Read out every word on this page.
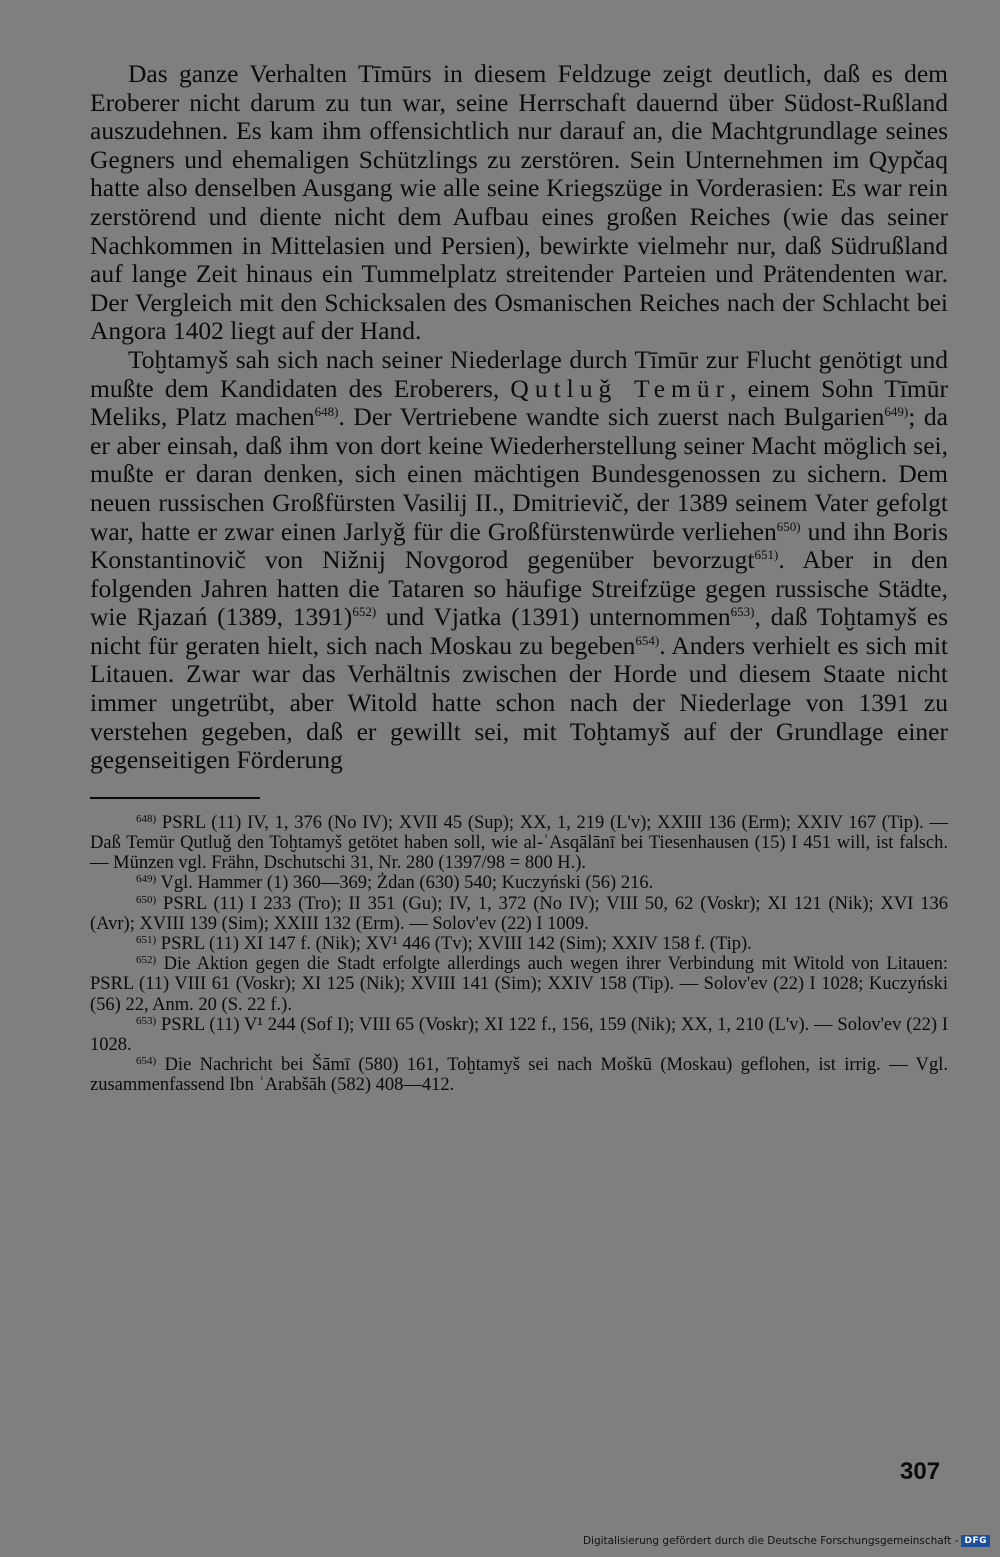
Das ganze Verhalten Tīmūrs in diesem Feldzuge zeigt deutlich, daß es dem Eroberer nicht darum zu tun war, seine Herrschaft dauernd über Südost-Rußland auszudehnen. Es kam ihm offensichtlich nur darauf an, die Machtgrundlage seines Gegners und ehemaligen Schützlings zu zerstören. Sein Unternehmen im Qypčaq hatte also denselben Ausgang wie alle seine Kriegszüge in Vorderasien: Es war rein zerstörend und diente nicht dem Aufbau eines großen Reiches (wie das seiner Nachkommen in Mittelasien und Persien), bewirkte vielmehr nur, daß Südrußland auf lange Zeit hinaus ein Tummelplatz streitender Parteien und Prätendenten war. Der Vergleich mit den Schicksalen des Osmanischen Reiches nach der Schlacht bei Angora 1402 liegt auf der Hand.

Toḫtamyš sah sich nach seiner Niederlage durch Tīmūr zur Flucht genötigt und mußte dem Kandidaten des Eroberers, Qutluǧ Temür, einem Sohn Tīmūr Meliks, Platz machen$^{648)}$. Der Vertriebene wandte sich zuerst nach Bulgarien$^{649)}$; da er aber einsah, daß ihm von dort keine Wiederherstellung seiner Macht möglich sei, mußte er daran denken, sich einen mächtigen Bundesgenossen zu sichern. Dem neuen russischen Großfürsten Vasilij II., Dmitrievič, der 1389 seinem Vater gefolgt war, hatte er zwar einen Jarlyǧ für die Großfürstenwürde verliehen$^{650)}$ und ihn Boris Konstantinovič von Nižnij Novgorod gegenüber bevorzugt$^{651)}$. Aber in den folgenden Jahren hatten die Tataren so häufige Streifzüge gegen russische Städte, wie Rjazań (1389, 1391)$^{652)}$ und Vjatka (1391) unternommen$^{653)}$, daß Toḫtamyš es nicht für geraten hielt, sich nach Moskau zu begeben$^{654)}$. Anders verhielt es sich mit Litauen. Zwar war das Verhältnis zwischen der Horde und diesem Staate nicht immer ungetrübt, aber Witold hatte schon nach der Niederlage von 1391 zu verstehen gegeben, daß er gewillt sei, mit Toḫtamyš auf der Grundlage einer gegenseitigen Förderung

$^{648)}$ PSRL (11) IV, 1, 376 (No IV); XVII 45 (Sup); XX, 1, 219 (L'v); XXIII 136 (Erm); XXIV 167 (Tip). — Daß Temür Qutluǧ den Toḫtamyš getötet haben soll, wie al-ʿAsqālānī bei Tiesenhausen (15) I 451 will, ist falsch. — Münzen vgl. Frähn, Dschutschi 31, Nr. 280 (1397/98 = 800 H.).

$^{649)}$ Vgl. Hammer (1) 360—369; Żdan (630) 540; Kuczyński (56) 216.

$^{650)}$ PSRL (11) I 233 (Tro); II 351 (Gu); IV, 1, 372 (No IV); VIII 50, 62 (Voskr); XI 121 (Nik); XVI 136 (Avr); XVIII 139 (Sim); XXIII 132 (Erm). — Solov'ev (22) I 1009.

$^{651)}$ PSRL (11) XI 147 f. (Nik); XV¹ 446 (Tv); XVIII 142 (Sim); XXIV 158 f. (Tip).

$^{652)}$ Die Aktion gegen die Stadt erfolgte allerdings auch wegen ihrer Verbindung mit Witold von Litauen: PSRL (11) VIII 61 (Voskr); XI 125 (Nik); XVIII 141 (Sim); XXIV 158 (Tip). — Solov'ev (22) I 1028; Kuczyński (56) 22, Anm. 20 (S. 22 f.).

$^{653)}$ PSRL (11) V¹ 244 (Sof I); VIII 65 (Voskr); XI 122 f., 156, 159 (Nik); XX, 1, 210 (L'v). — Solov'ev (22) I 1028.

$^{654)}$ Die Nachricht bei Šāmī (580) 161, Toḫtamyš sei nach Moškū (Moskau) geflohen, ist irrig. — Vgl. zusammenfassend Ibn ʿArabšāh (582) 408—412.

307
Digitalisierung gefördert durch die Deutsche Forschungsgemeinschaft - DFG
